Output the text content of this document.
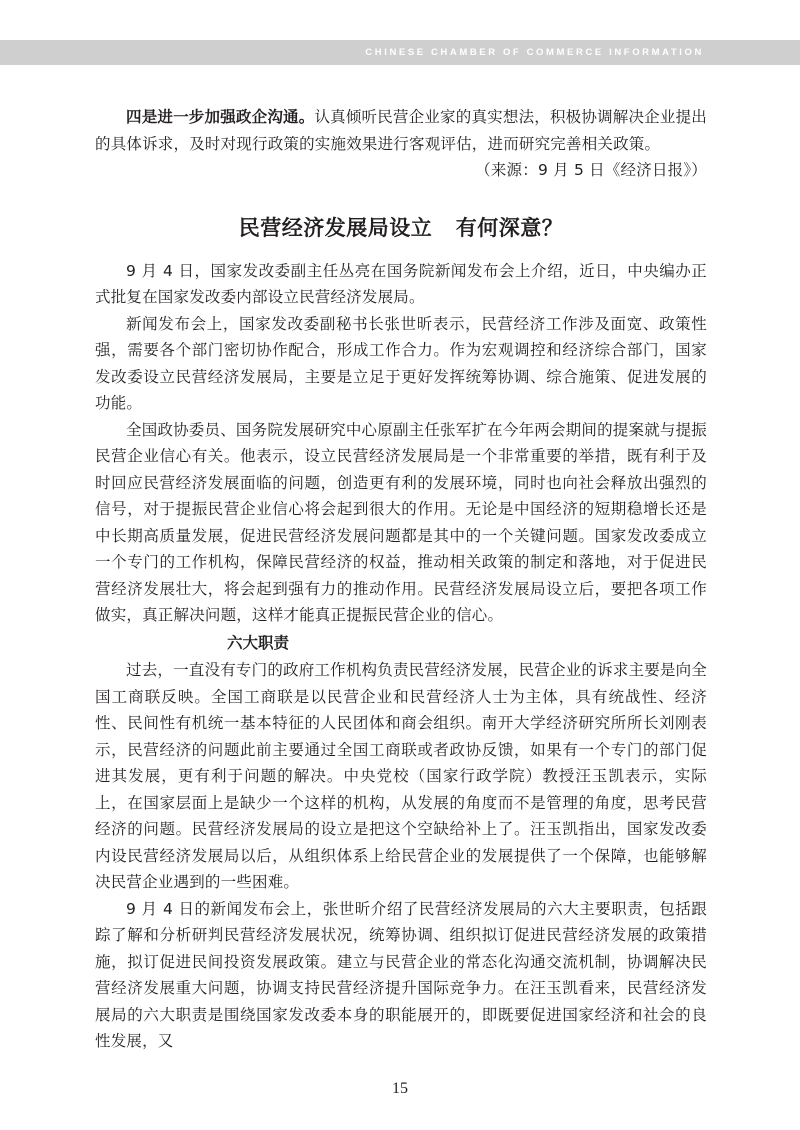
CHINESE CHAMBER OF COMMERCE INFORMATION

四是进一步加强政企沟通。认真倾听民营企业家的真实想法，积极协调解决企业提出的具体诉求，及时对现行政策的实施效果进行客观评估，进而研究完善相关政策。

（来源：9 月 5 日《经济日报》）

民营经济发展局设立   有何深意？

9 月 4 日，国家发改委副主任丛亮在国务院新闻发布会上介绍，近日，中央编办正式批复在国家发改委内部设立民营经济发展局。

新闻发布会上，国家发改委副秘书长张世昕表示，民营经济工作涉及面宽、政策性强，需要各个部门密切协作配合，形成工作合力。作为宏观调控和经济综合部门，国家发改委设立民营经济发展局，主要是立足于更好发挥统筹协调、综合施策、促进发展的功能。

全国政协委员、国务院发展研究中心原副主任张军扩在今年两会期间的提案就与提振民营企业信心有关。他表示，设立民营经济发展局是一个非常重要的举措，既有利于及时回应民营经济发展面临的问题，创造更有利的发展环境，同时也向社会释放出强烈的信号，对于提振民营企业信心将会起到很大的作用。无论是中国经济的短期稳增长还是中长期高质量发展，促进民营经济发展问题都是其中的一个关键问题。国家发改委成立一个专门的工作机构，保障民营经济的权益，推动相关政策的制定和落地，对于促进民营经济发展壮大，将会起到强有力的推动作用。民营经济发展局设立后，要把各项工作做实，真正解决问题，这样才能真正提振民营企业的信心。

六大职责

过去，一直没有专门的政府工作机构负责民营经济发展，民营企业的诉求主要是向全国工商联反映。全国工商联是以民营企业和民营经济人士为主体，具有统战性、经济性、民间性有机统一基本特征的人民团体和商会组织。南开大学经济研究所所长刘刚表示，民营经济的问题此前主要通过全国工商联或者政协反馈，如果有一个专门的部门促进其发展，更有利于问题的解决。中央党校（国家行政学院）教授汪玉凯表示，实际上，在国家层面上是缺少一个这样的机构，从发展的角度而不是管理的角度，思考民营经济的问题。民营经济发展局的设立是把这个空缺给补上了。汪玉凯指出，国家发改委内设民营经济发展局以后，从组织体系上给民营企业的发展提供了一个保障，也能够解决民营企业遇到的一些困难。

9 月 4 日的新闻发布会上，张世昕介绍了民营经济发展局的六大主要职责，包括跟踪了解和分析研判民营经济发展状况，统筹协调、组织拟订促进民营经济发展的政策措施，拟订促进民间投资发展政策。建立与民营企业的常态化沟通交流机制，协调解决民营经济发展重大问题，协调支持民营经济提升国际竞争力。在汪玉凯看来，民营经济发展局的六大职责是围绕国家发改委本身的职能展开的，即既要促进国家经济和社会的良性发展，又

15
